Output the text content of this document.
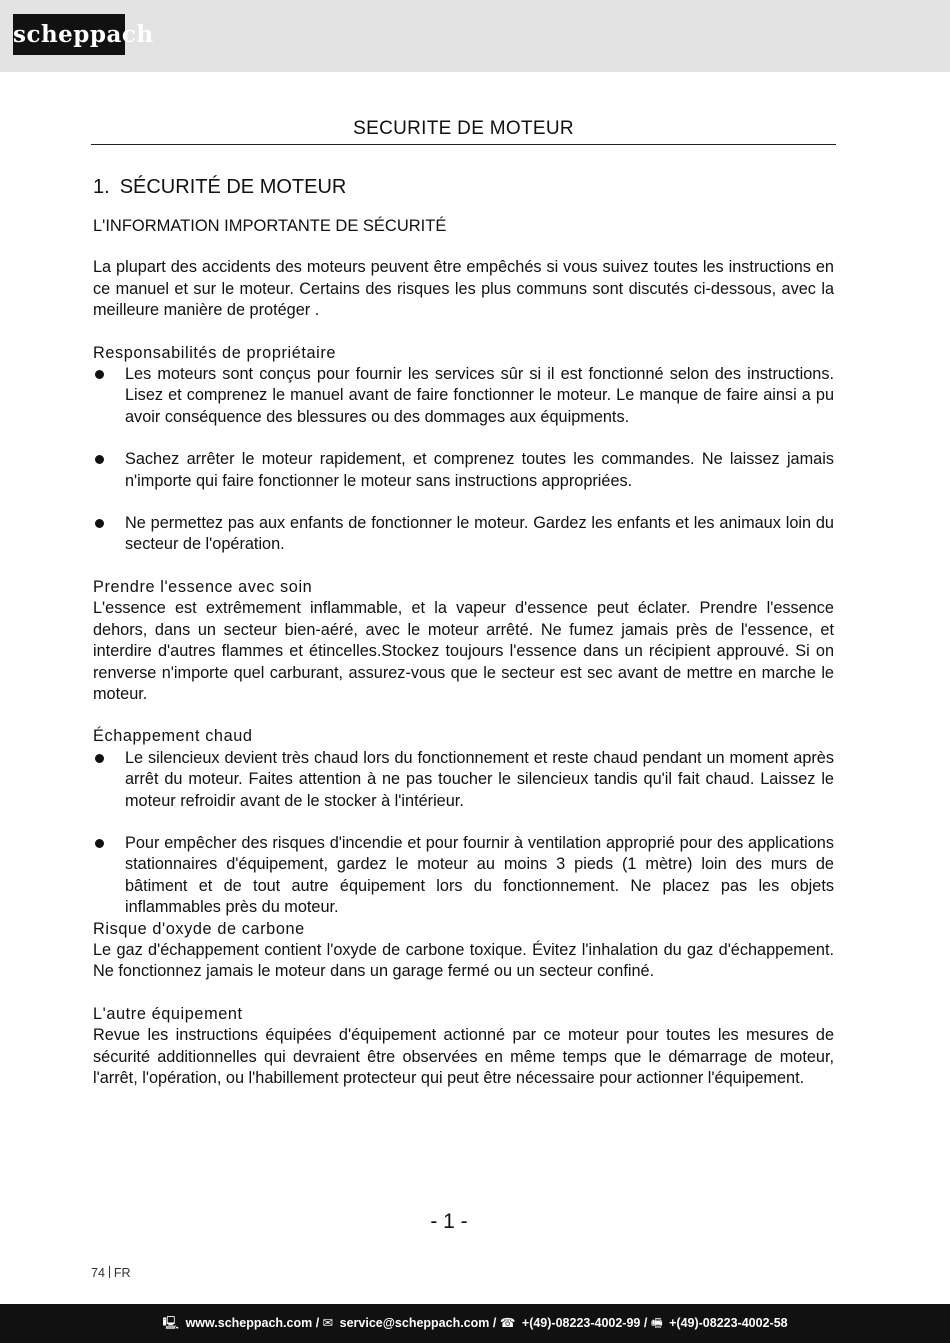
scheppach
SECURITE DE MOTEUR
1. SÉCURITÉ DE MOTEUR
L'INFORMATION IMPORTANTE DE SÉCURITÉ

La plupart des accidents des moteurs peuvent être empêchés si vous suivez toutes les instructions en ce manuel et sur le moteur. Certains des risques les plus communs sont discutés ci-dessous, avec la meilleure manière de protéger .

Responsabilités de propriétaire

Les moteurs sont conçus pour fournir les services sûr si il est fonctionné selon des instructions. Lisez et comprenez le manuel avant de faire fonctionner le moteur. Le manque de faire ainsi a pu avoir conséquence des blessures ou des dommages aux équipments.
Sachez arrêter le moteur rapidement, et comprenez toutes les commandes. Ne laissez jamais n'importe qui faire fonctionner le moteur sans instructions appropriées.
Ne permettez pas aux enfants de fonctionner le moteur. Gardez les enfants et les animaux loin du secteur de l'opération.

Prendre l'essence avec soin

L'essence est extrêmement inflammable, et la vapeur d'essence peut éclater. Prendre l'essence dehors, dans un secteur bien-aéré, avec le moteur arrêté. Ne fumez jamais près de l'essence, et interdire d'autres flammes et étincelles.Stockez toujours l'essence dans un récipient approuvé. Si on renverse n'importe quel carburant, assurez-vous que le secteur est sec avant de mettre en marche le moteur.

Échappement chaud

Le silencieux devient très chaud lors du fonctionnement et reste chaud pendant un moment après arrêt du moteur. Faites attention à ne pas toucher le silencieux tandis qu'il fait chaud. Laissez le moteur refroidir avant de le stocker à l'intérieur.
Pour empêcher des risques d'incendie et pour fournir à ventilation approprié pour des applications stationnaires d'équipement, gardez le moteur au moins 3 pieds (1 mètre) loin des murs de bâtiment et de tout autre équipement lors du fonctionnement. Ne placez pas les objets inflammables près du moteur.

Risque d'oxyde de carbone

Le gaz d'échappement contient l'oxyde de carbone toxique. Évitez l'inhalation du gaz d'échappement. Ne fonctionnez jamais le moteur dans un garage fermé ou un secteur confiné.

L'autre équipement

Revue les instructions équipées d'équipement actionné par ce moteur pour toutes les mesures de sécurité additionnelles qui devraient être observées en même temps que le démarrage de moteur, l'arrêt, l'opération, ou l'habillement protecteur qui peut être nécessaire pour actionner l'équipement.

- 1 -
74 FR
🖳 www.scheppach.com / ✉ service@scheppach.com / ☎ +(49)-08223-4002-99 / 🖷 +(49)-08223-4002-58
